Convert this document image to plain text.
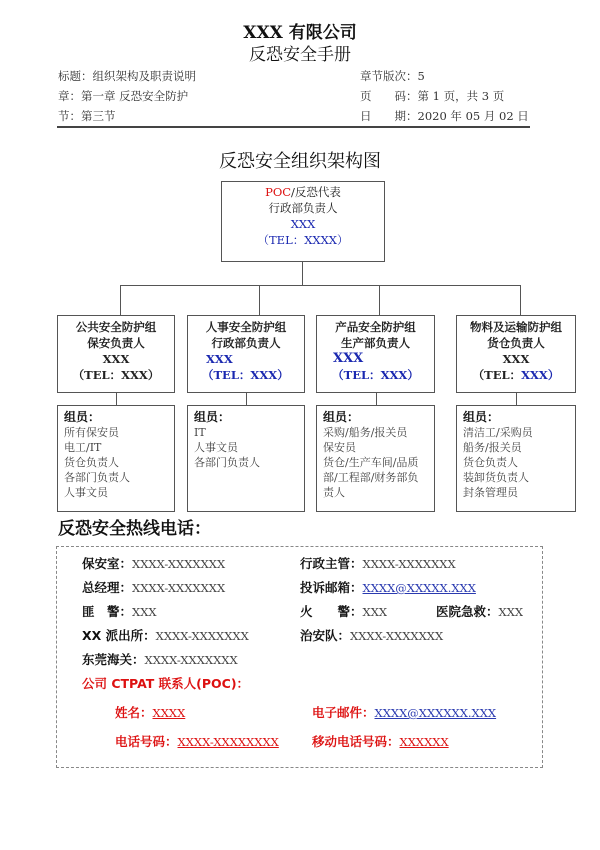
XXX 有限公司
反恐安全手册
标题：组织架构及职责说明
章：第一章 反恐安全防护
节：第三节
章节版次：5
页　　码：第 1 页，共 3 页
日　　期：2020 年 05 月 02 日
反恐安全组织架构图
POC/反恐代表
行政部负责人
XXX
（TEL：XXXX）
公共安全防护组
保安负责人
XXX
（TEL：XXX）
人事安全防护组
行政部负责人
XXX
（TEL：XXX）
产品安全防护组
生产部负责人
XXX
（TEL：XXX）
物料及运输防护组
货仓负责人
XXX
（TEL：XXX）
组员：
所有保安员
电工/IT
货仓负责人
各部门负责人
人事文员
组员：
IT
人事文员
各部门负责人
组员：
采购/船务/报关员
保安员
货仓/生产车间/品质
部/工程部/财务部负
责人
组员：
清洁工/采购员
船务/报关员
货仓负责人
装卸货负责人
封条管理员
反恐安全热线电话：
保安室：XXXX-XXXXXXX	行政主管：XXXX-XXXXXXX
总经理：XXXX-XXXXXXX	投诉邮箱：XXXX@XXXXX.XXX
匪　警：XXX	火　　警：XXX	医院急救：XXX
XX 派出所：XXXX-XXXXXXX	治安队：XXXX-XXXXXXX
东莞海关：XXXX-XXXXXXX
公司 CTPAT 联系人(POC)：
姓名：XXXX	电子邮件：XXXX@XXXXXX.XXX
电话号码：XXXX-XXXXXXXX	移动电话号码：XXXXXX
